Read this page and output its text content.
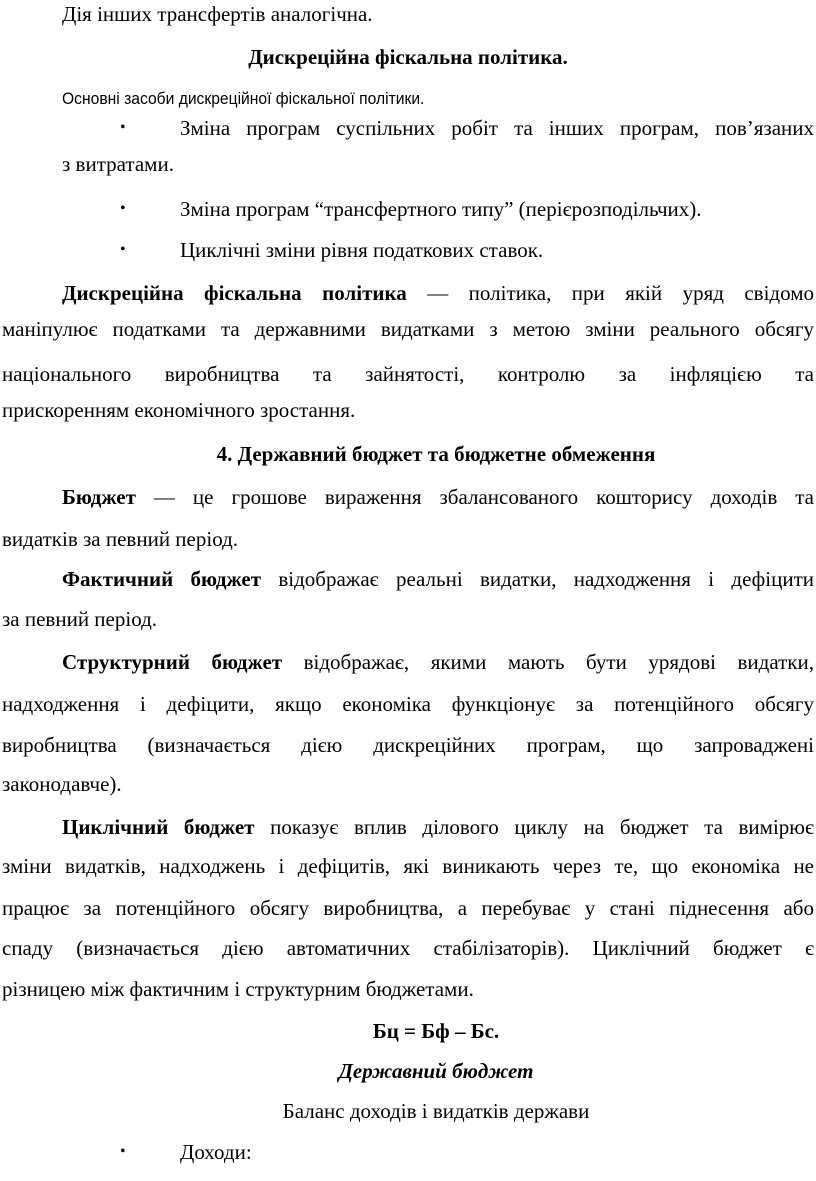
Дія інших трансфертів аналогічна.
Дискреційна фіскальна політика.
Основні засоби дискреційної фіскальної політики.
•	Зміна програм суспільних робіт та інших програм, пов’язаних
з витратами.
•	Зміна програм “трансфертного типу” (перієрозподільчих).
•	Циклічні зміни рівня податкових ставок.
Дискреційна фіскальна політика — політика, при якій уряд свідомо
маніпулює податками та державними видатками з метою зміни реального обсягу
національного виробництва та зайнятості, контролю за інфляцією та
прискоренням економічного зростання.
4. Державний бюджет та бюджетне обмеження
Бюджет — це грошове вираження збалансованого кошторису доходів та
видатків за певний період.
Фактичний бюджет відображає реальні видатки, надходження і дефіцити
за певний період.
Структурний бюджет відображає, якими мають бути урядові видатки,
надходження і дефіцити, якщо економіка функціонує за потенційного обсягу
виробництва (визначається дією дискреційних програм, що запроваджені
законодавче).
Циклічний бюджет показує вплив ділового циклу на бюджет та вимірює
зміни видатків, надходжень і дефіцитів, які виникають через те, що економіка не
працює за потенційного обсягу виробництва, а перебуває у стані піднесення або
спаду (визначається дією автоматичних стабілізаторів). Циклічний бюджет є
різницею між фактичним і структурним бюджетами.
Бц = Бф – Бс.
Державний бюджет
Баланс доходів і видатків держави
•	Доходи:
